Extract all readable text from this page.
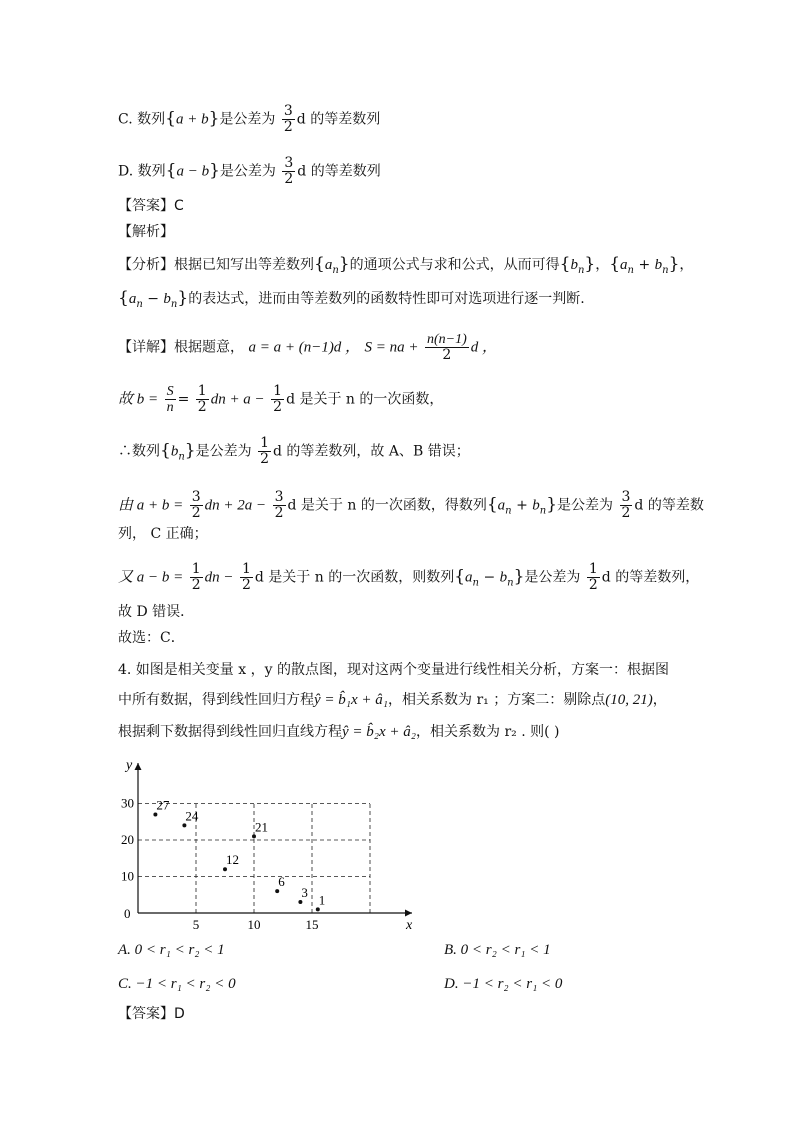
C. 数列{a + b}是公差为 $\frac{3}{2}$ d 的等差数列
D. 数列{a − b}是公差为 $\frac{3}{2}$ d 的等差数列
【答案】C
【解析】
【分析】根据已知写出等差数列$\{a_n\}$的通项公式与求和公式，从而可得$\{b_n\}$，$\{a_n + b_n\}$，
$\{a_n - b_n\}$的表达式，进而由等差数列的函数特性即可对选项进行逐一判断.
【详解】根据题意， a = a + (n−1)d ， S = na + $\frac{n(n-1)}{2}$ d ，
故 $b = \frac{S}{n} = \frac{1}{2}$ dn + $a - \frac{1}{2}$ d 是关于 n 的一次函数，
∴数列$\{b_n\}$是公差为 $\frac{1}{2}$ d 的等差数列，故 A、B 错误；
由 $a + b = \frac{3}{2}$ dn + $2a - \frac{3}{2}$ d 是关于 n 的一次函数，得数列$\{a_n + b_n\}$是公差为 $\frac{3}{2}$ d 的等差数
列， C 正确；
又 $a - b = \frac{1}{2}$ dn − $\frac{1}{2}$ d 是关于 n 的一次函数，则数列$\{a_n - b_n\}$是公差为 $\frac{1}{2}$ d 的等差数列，
故 D 错误．
故选：C．
4. 如图是相关变量 x ，y 的散点图，现对这两个变量进行线性相关分析，方案一：根据图
中所有数据，得到线性回归方程ŷ = b̂₁x + â₁，相关系数为 r₁ ；方案二：剔除点(10, 21)，
根据剩下数据得到线性回归直线方程ŷ = b̂₂x + â₂，相关系数为 r₂ . 则( )
x
y
0
10
20
30
5	10	15
27
24
12
21
6
3 1
A. 0 < r₁ < r₂ < 1	B. 0 < r₂ < r₁ < 1
C. −1 < r₁ < r₂ < 0	D. −1 < r₂ < r₁ < 0
【答案】D
